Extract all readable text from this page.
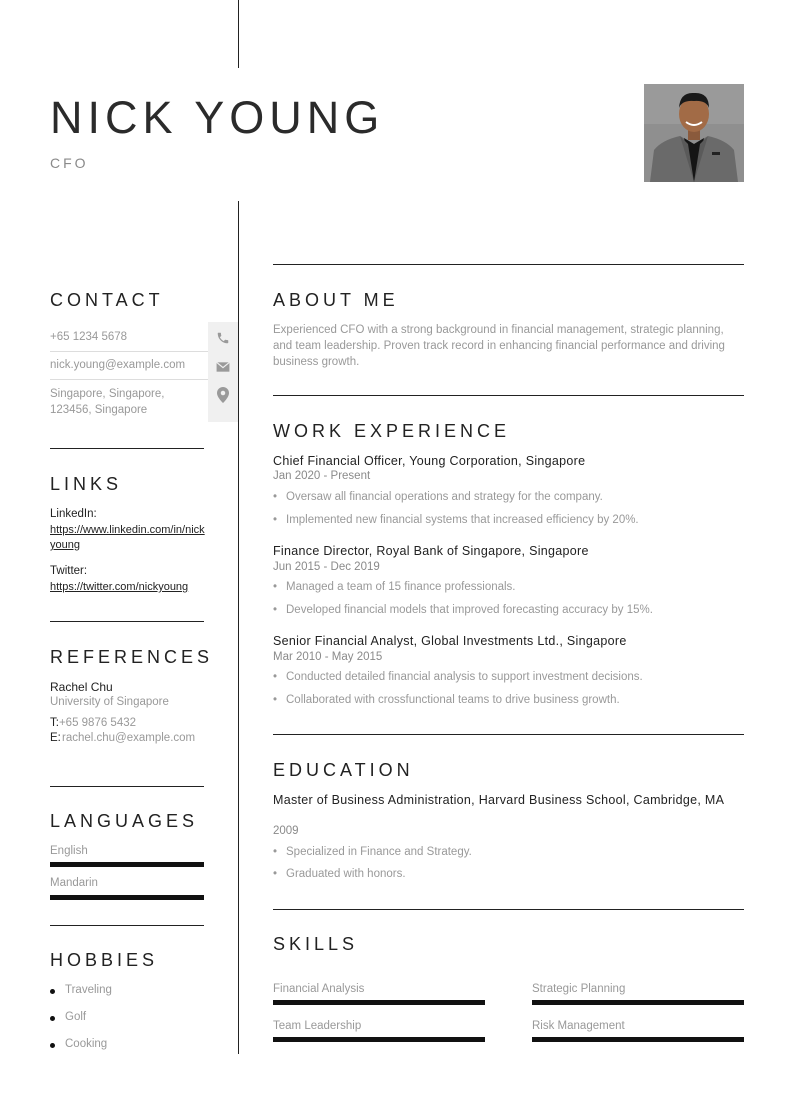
NICK YOUNG
CFO
CONTACT
+65 1234 5678
nick.young@example.com
Singapore, Singapore, 123456, Singapore
LINKS
LinkedIn:
https://www.linkedin.com/in/nickyoung
Twitter:
https://twitter.com/nickyoung
REFERENCES
Rachel Chu
University of Singapore
T:+65 9876 5432
E: rachel.chu@example.com
LANGUAGES
English
Mandarin
HOBBIES
Traveling
Golf
Cooking
ABOUT ME
Experienced CFO with a strong background in financial management, strategic planning, and team leadership. Proven track record in enhancing financial performance and driving business growth.
WORK EXPERIENCE
Chief Financial Officer, Young Corporation, Singapore
Jan 2020 - Present
• Oversaw all financial operations and strategy for the company.
• Implemented new financial systems that increased efficiency by 20%.
Finance Director, Royal Bank of Singapore, Singapore
Jun 2015 - Dec 2019
• Managed a team of 15 finance professionals.
• Developed financial models that improved forecasting accuracy by 15%.
Senior Financial Analyst, Global Investments Ltd., Singapore
Mar 2010 - May 2015
• Conducted detailed financial analysis to support investment decisions.
• Collaborated with crossfunctional teams to drive business growth.
EDUCATION
Master of Business Administration, Harvard Business School, Cambridge, MA
2009
• Specialized in Finance and Strategy.
• Graduated with honors.
SKILLS
Financial Analysis	Strategic Planning
Team Leadership	Risk Management
